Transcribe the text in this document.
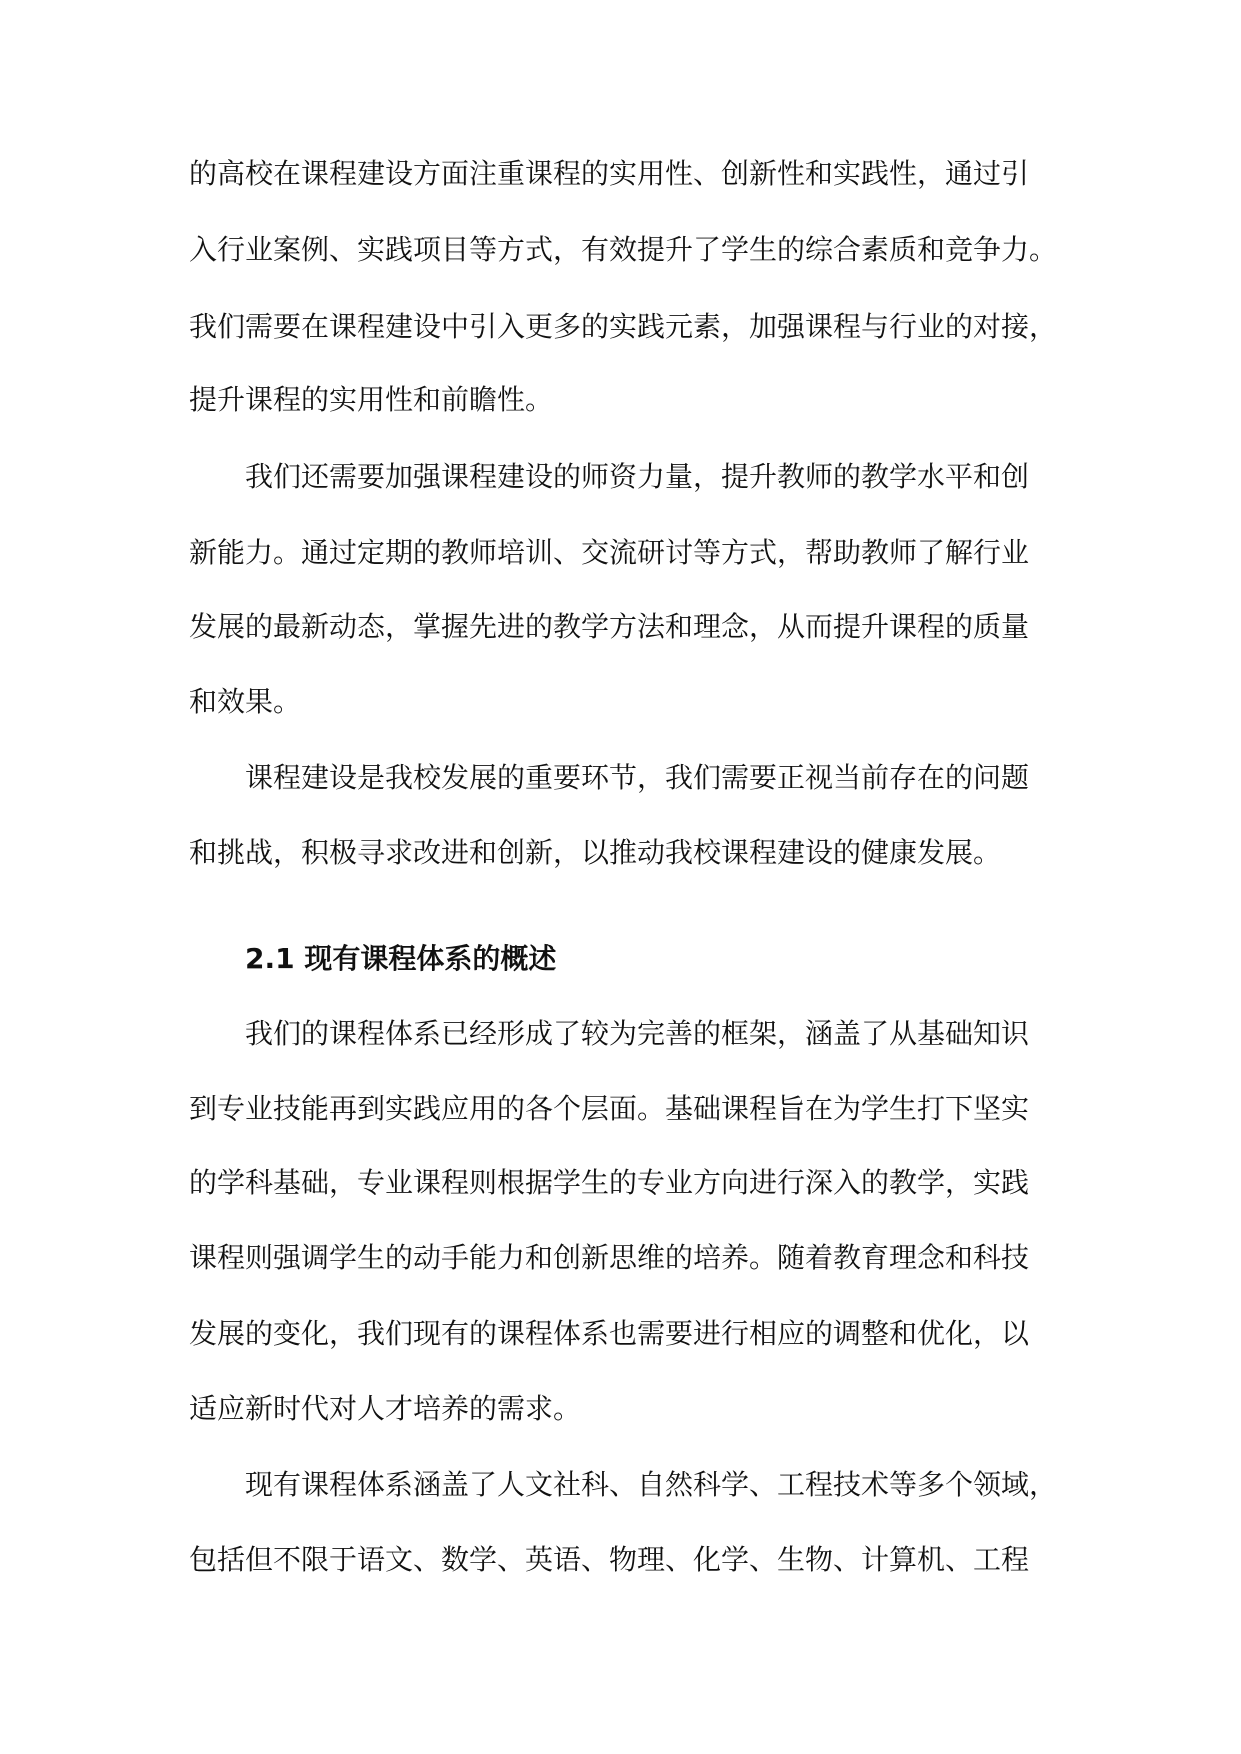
的高校在课程建设方面注重课程的实用性、创新性和实践性，通过引
入行业案例、实践项目等方式，有效提升了学生的综合素质和竞争力。
我们需要在课程建设中引入更多的实践元素，加强课程与行业的对接，
提升课程的实用性和前瞻性。
我们还需要加强课程建设的师资力量，提升教师的教学水平和创
新能力。通过定期的教师培训、交流研讨等方式，帮助教师了解行业
发展的最新动态，掌握先进的教学方法和理念，从而提升课程的质量
和效果。
课程建设是我校发展的重要环节，我们需要正视当前存在的问题
和挑战，积极寻求改进和创新，以推动我校课程建设的健康发展。
2.1 现有课程体系的概述
我们的课程体系已经形成了较为完善的框架，涵盖了从基础知识
到专业技能再到实践应用的各个层面。基础课程旨在为学生打下坚实
的学科基础，专业课程则根据学生的专业方向进行深入的教学，实践
课程则强调学生的动手能力和创新思维的培养。随着教育理念和科技
发展的变化，我们现有的课程体系也需要进行相应的调整和优化，以
适应新时代对人才培养的需求。
现有课程体系涵盖了人文社科、自然科学、工程技术等多个领域，
包括但不限于语文、数学、英语、物理、化学、生物、计算机、工程
